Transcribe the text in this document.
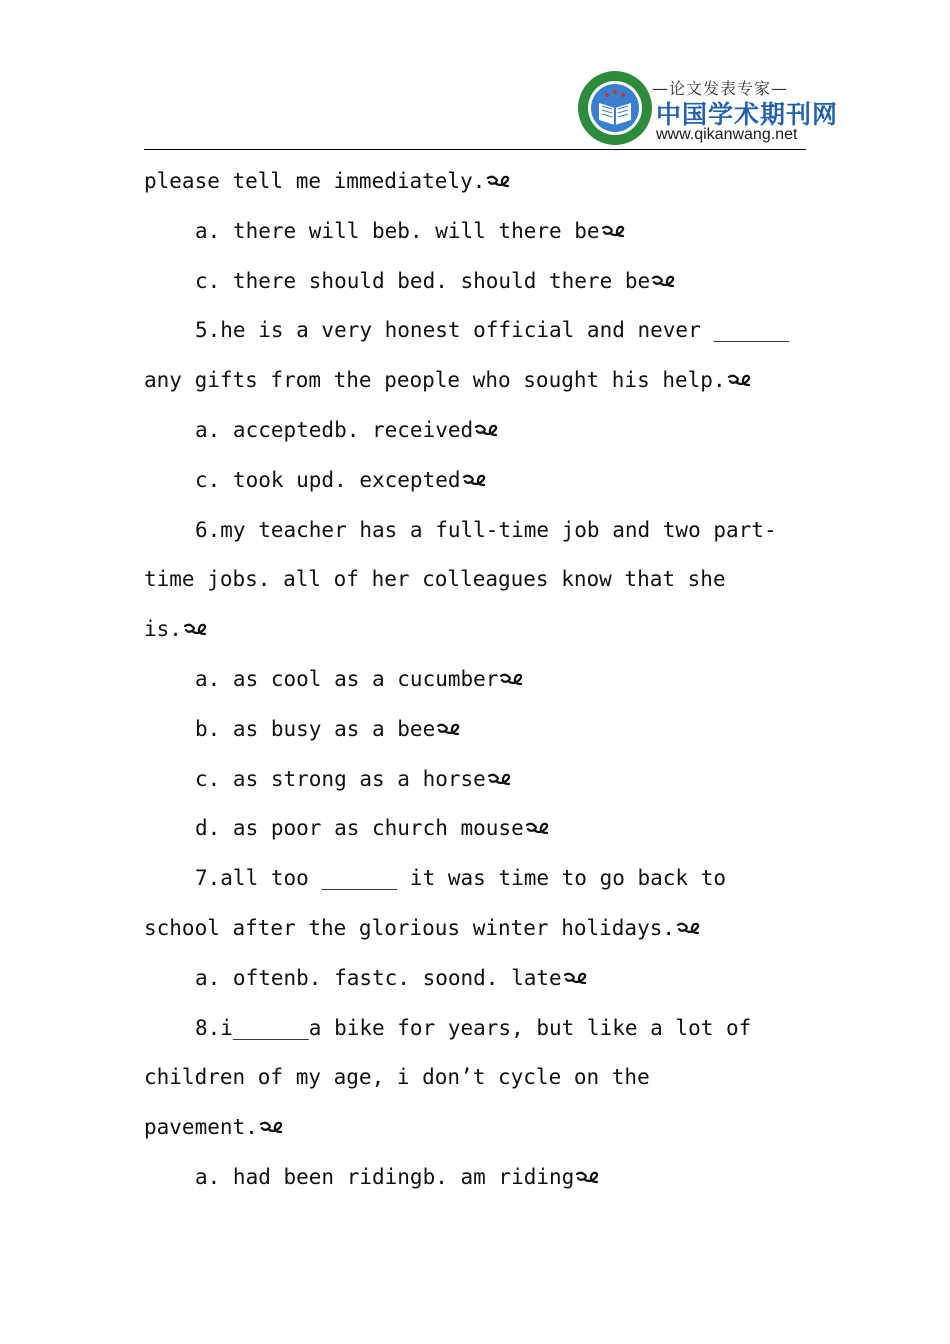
—论文发表专家—
中国学术期刊网
www.qikanwang.net
please tell me immediately.
a. there will beb. will there be
c. there should bed. should there be
5.he is a very honest official and never ______
any gifts from the people who sought his help.
a. acceptedb. received
c. took upd. excepted
6.my teacher has a full-time job and two part-
time jobs. all of her colleagues know that she
is.
a. as cool as a cucumber
b. as busy as a bee
c. as strong as a horse
d. as poor as church mouse
7.all too ______ it was time to go back to
school after the glorious winter holidays.
a. oftenb. fastc. soond. late
8.i______a bike for years, but like a lot of
children of my age, i don’t cycle on the
pavement.
a. had been ridingb. am riding
